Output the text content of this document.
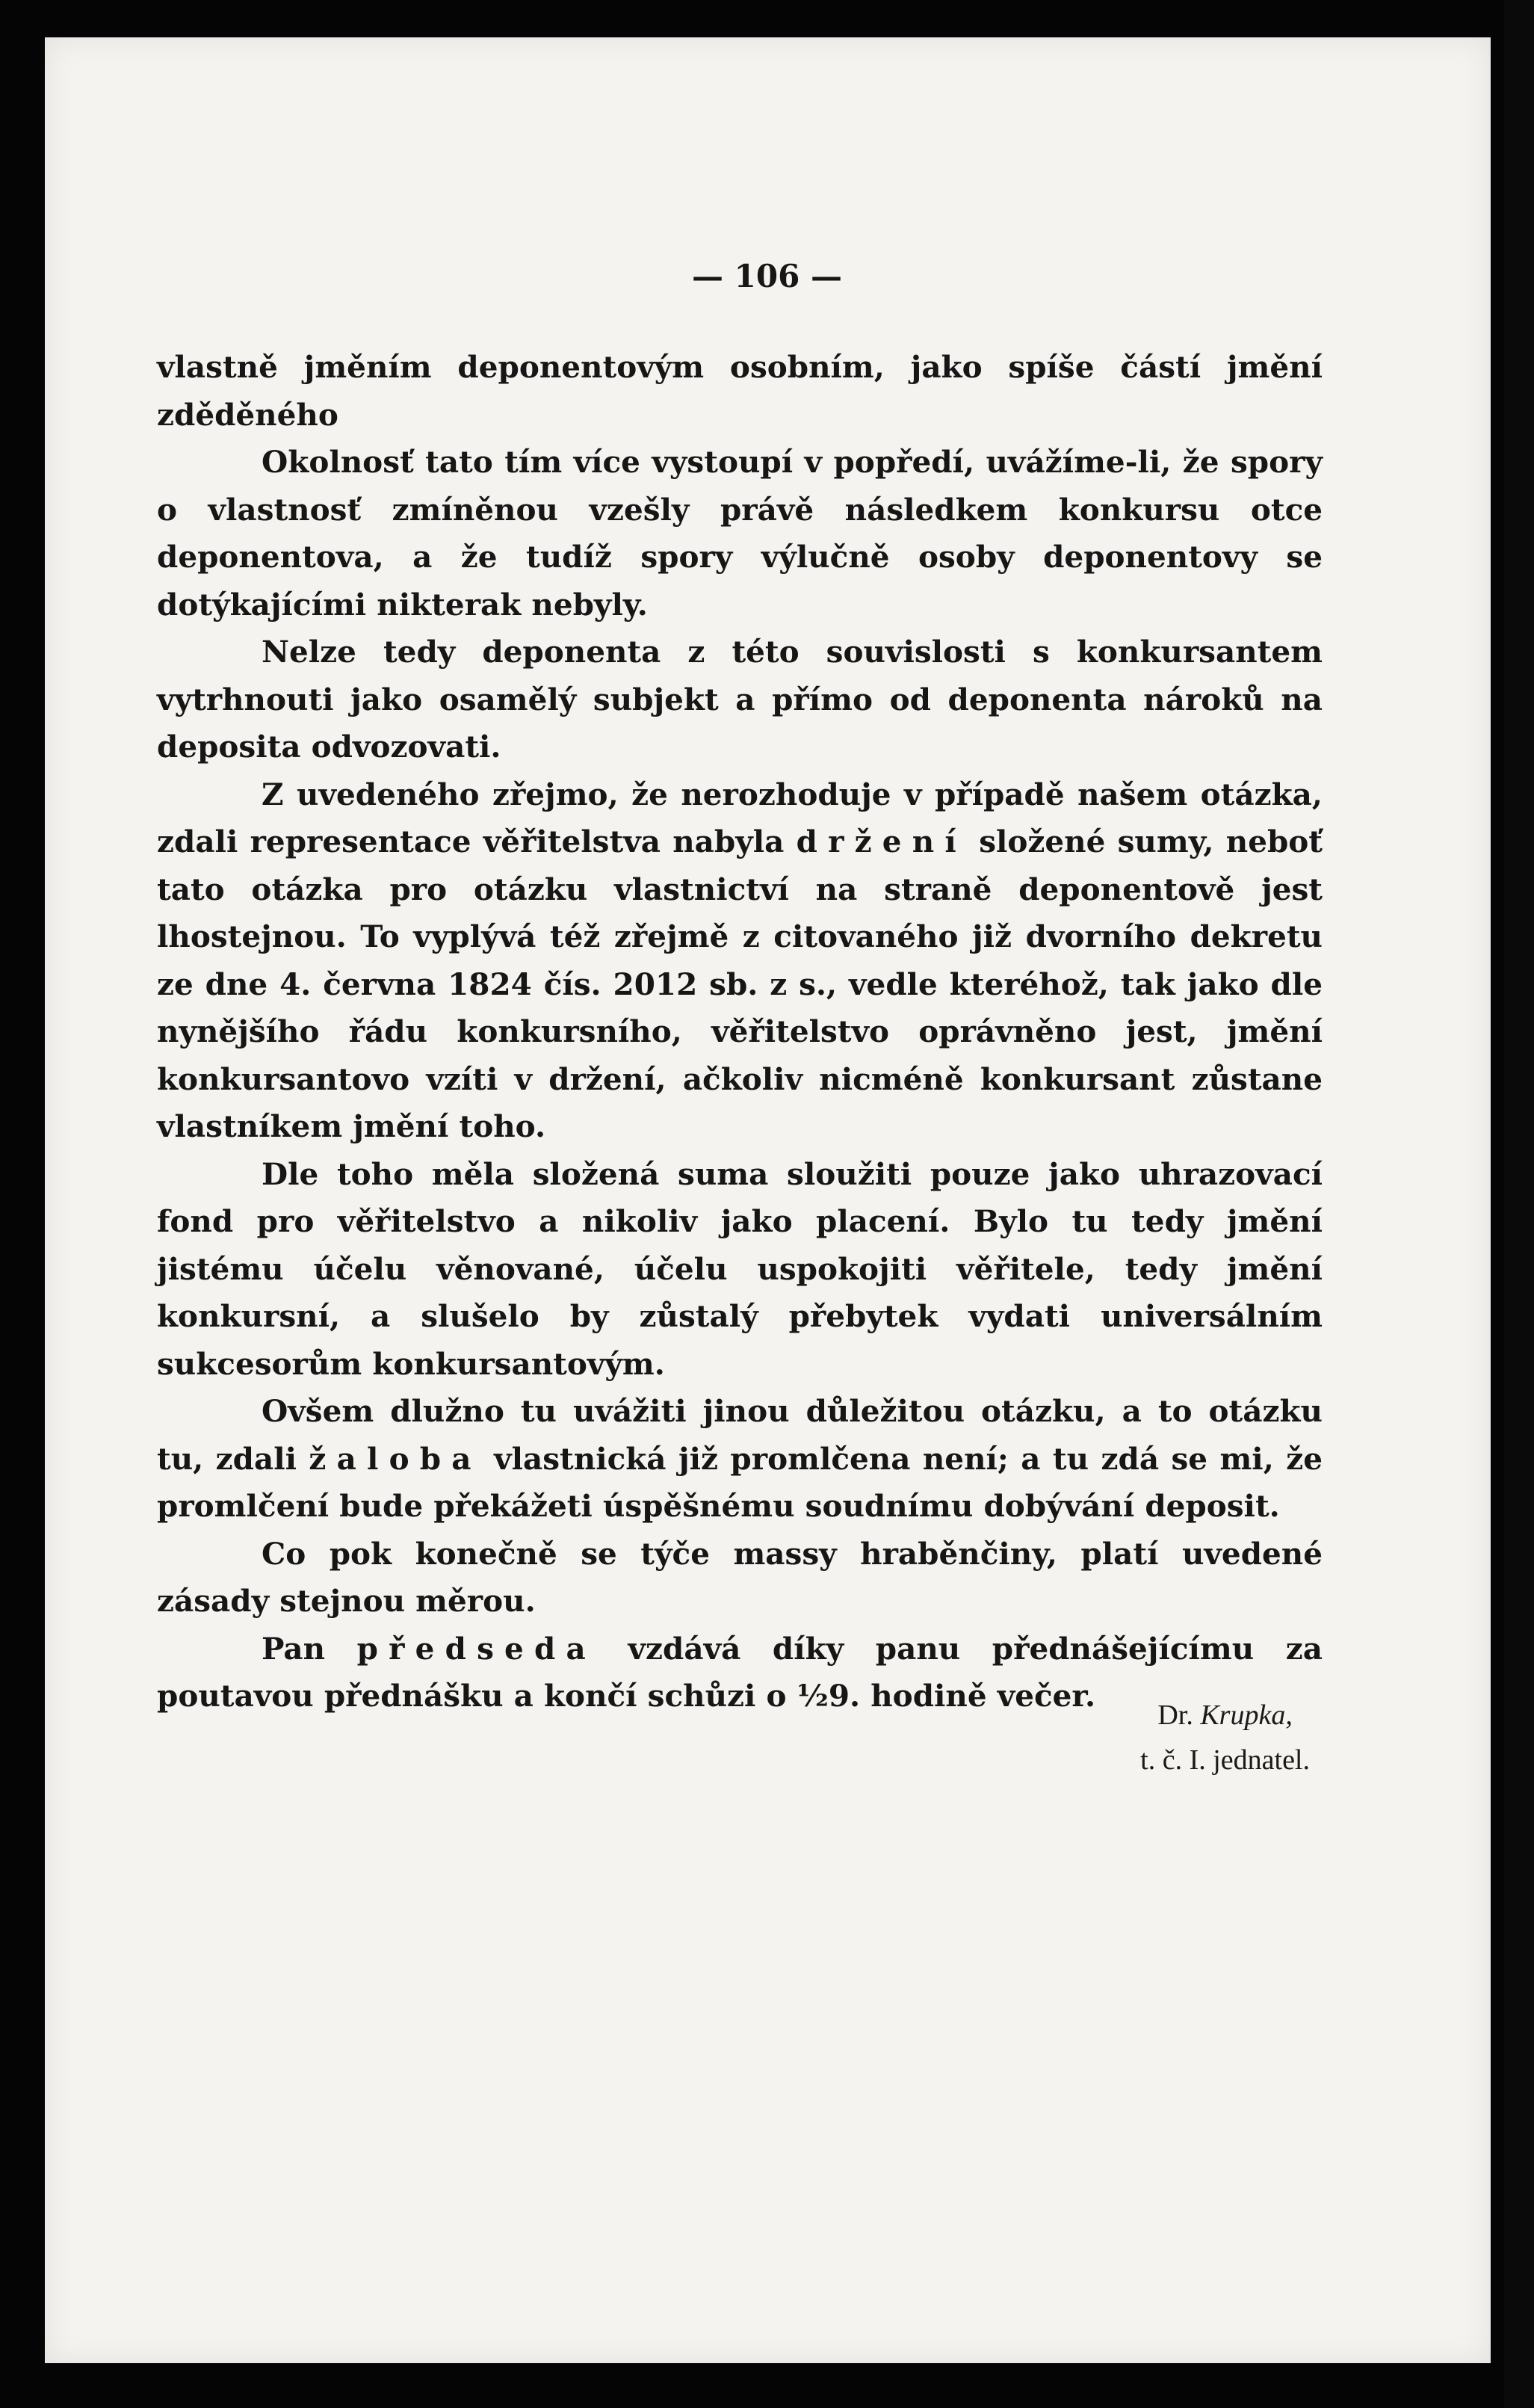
— 106 —

vlastně jměním deponentovým osobním, jako spíše částí jmění zděděného

Okolnosť tato tím více vystoupí v popředí, uvážíme-li, že spory o vlastnosť zmíněnou vzešly právě následkem konkursu otce deponentova, a že tudíž spory výlučně osoby deponentovy se dotýkajícími nikterak nebyly.

Nelze tedy deponenta z této souvislosti s konkursantem vytrhnouti jako osamělý subjekt a přímo od deponenta nároků na deposita odvozovati.

Z uvedeného zřejmo, že nerozhoduje v případě našem otázka, zdali representace věřitelstva nabyla držení složené sumy, neboť tato otázka pro otázku vlastnictví na straně deponentově jest lhostejnou. To vyplývá též zřejmě z citovaného již dvorního dekretu ze dne 4. června 1824 čís. 2012 sb. z s., vedle kteréhož, tak jako dle nynějšího řádu konkursního, věřitelstvo oprávněno jest, jmění konkursantovo vzíti v držení, ačkoliv nicméně konkursant zůstane vlastníkem jmění toho.

Dle toho měla složená suma sloužiti pouze jako uhrazovací fond pro věřitelstvo a nikoliv jako placení. Bylo tu tedy jmění jistému účelu věnované, účelu uspokojiti věřitele, tedy jmění konkursní, a slušelo by zůstalý přebytek vydati universálním sukcesorům konkursantovým.

Ovšem dlužno tu uvážiti jinou důležitou otázku, a to otázku tu, zdali žaloba vlastnická již promlčena není; a tu zdá se mi, že promlčení bude překážeti úspěšnému soudnímu dobývání deposit.

Co pok konečně se týče massy hraběnčiny, platí uvedené zásady stejnou měrou.

Pan předseda vzdává díky panu přednášejícímu za poutavou přednášku a končí schůzi o ½9. hodině večer.

Dr. Krupka,
t. č. I. jednatel.
